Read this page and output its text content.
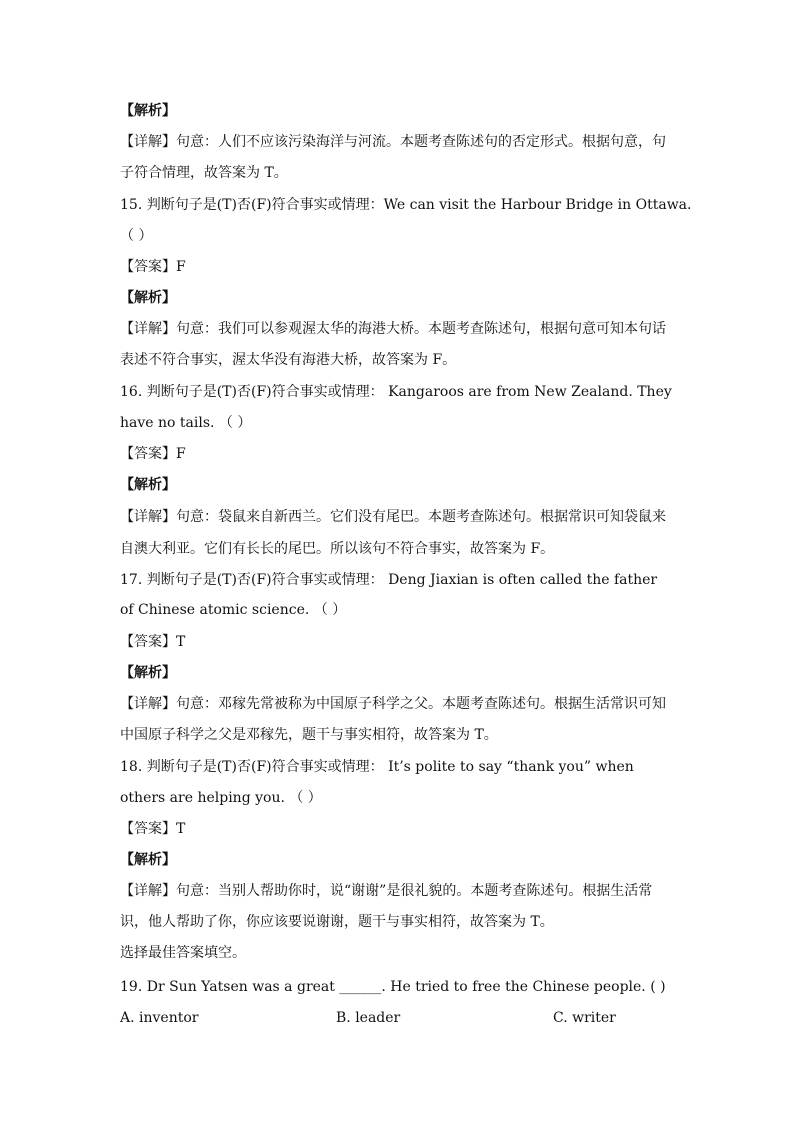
【解析】
【详解】句意：人们不应该污染海洋与河流。本题考查陈述句的否定形式。根据句意，句
子符合情理，故答案为 T。
15. 判断句子是(T)否(F)符合事实或情理：We can visit the Harbour Bridge in Ottawa.
（ ）
【答案】F
【解析】
【详解】句意：我们可以参观渥太华的海港大桥。本题考查陈述句，根据句意可知本句话
表述不符合事实，渥太华没有海港大桥，故答案为 F。
16. 判断句子是(T)否(F)符合事实或情理： Kangaroos are from New Zealand. They
have no tails. （ ）
【答案】F
【解析】
【详解】句意：袋鼠来自新西兰。它们没有尾巴。本题考查陈述句。根据常识可知袋鼠来
自澳大利亚。它们有长长的尾巴。所以该句不符合事实，故答案为 F。
17. 判断句子是(T)否(F)符合事实或情理： Deng Jiaxian is often called the father
of Chinese atomic science. （ ）
【答案】T
【解析】
【详解】句意：邓稼先常被称为中国原子科学之父。本题考查陈述句。根据生活常识可知
中国原子科学之父是邓稼先，题干与事实相符，故答案为 T。
18. 判断句子是(T)否(F)符合事实或情理： It’s polite to say “thank you” when
others are helping you. （ ）
【答案】T
【解析】
【详解】句意：当别人帮助你时，说“谢谢”是很礼貌的。本题考查陈述句。根据生活常
识，他人帮助了你，你应该要说谢谢，题干与事实相符，故答案为 T。
选择最佳答案填空。
19. Dr Sun Yatsen was a great ______. He tried to free the Chinese people. ( )
A. inventor	B. leader	C. writer
